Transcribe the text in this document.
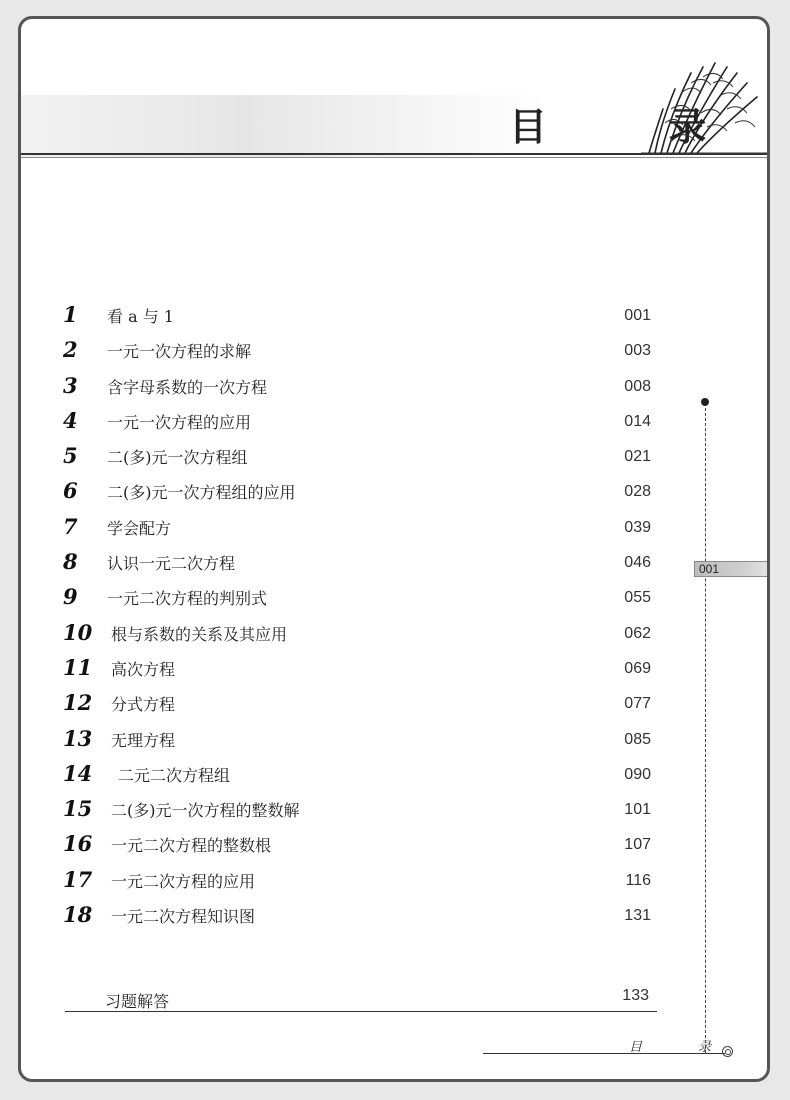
目 录
1	看 a 与 1	001
2	一元一次方程的求解	003
3	含字母系数的一次方程	008
4	一元一次方程的应用	014
5	二(多)元一次方程组	021
6	二(多)元一次方程组的应用	028
7	学会配方	039
8	认识一元二次方程	046
9	一元二次方程的判别式	055
10	根与系数的关系及其应用	062
11	高次方程	069
12	分式方程	077
13	无理方程	085
14	二元二次方程组	090
15	二(多)元一次方程的整数解	101
16	一元二次方程的整数根	107
17	一元二次方程的应用	116
18	一元二次方程知识图	131
习题解答	133
001
目 录
